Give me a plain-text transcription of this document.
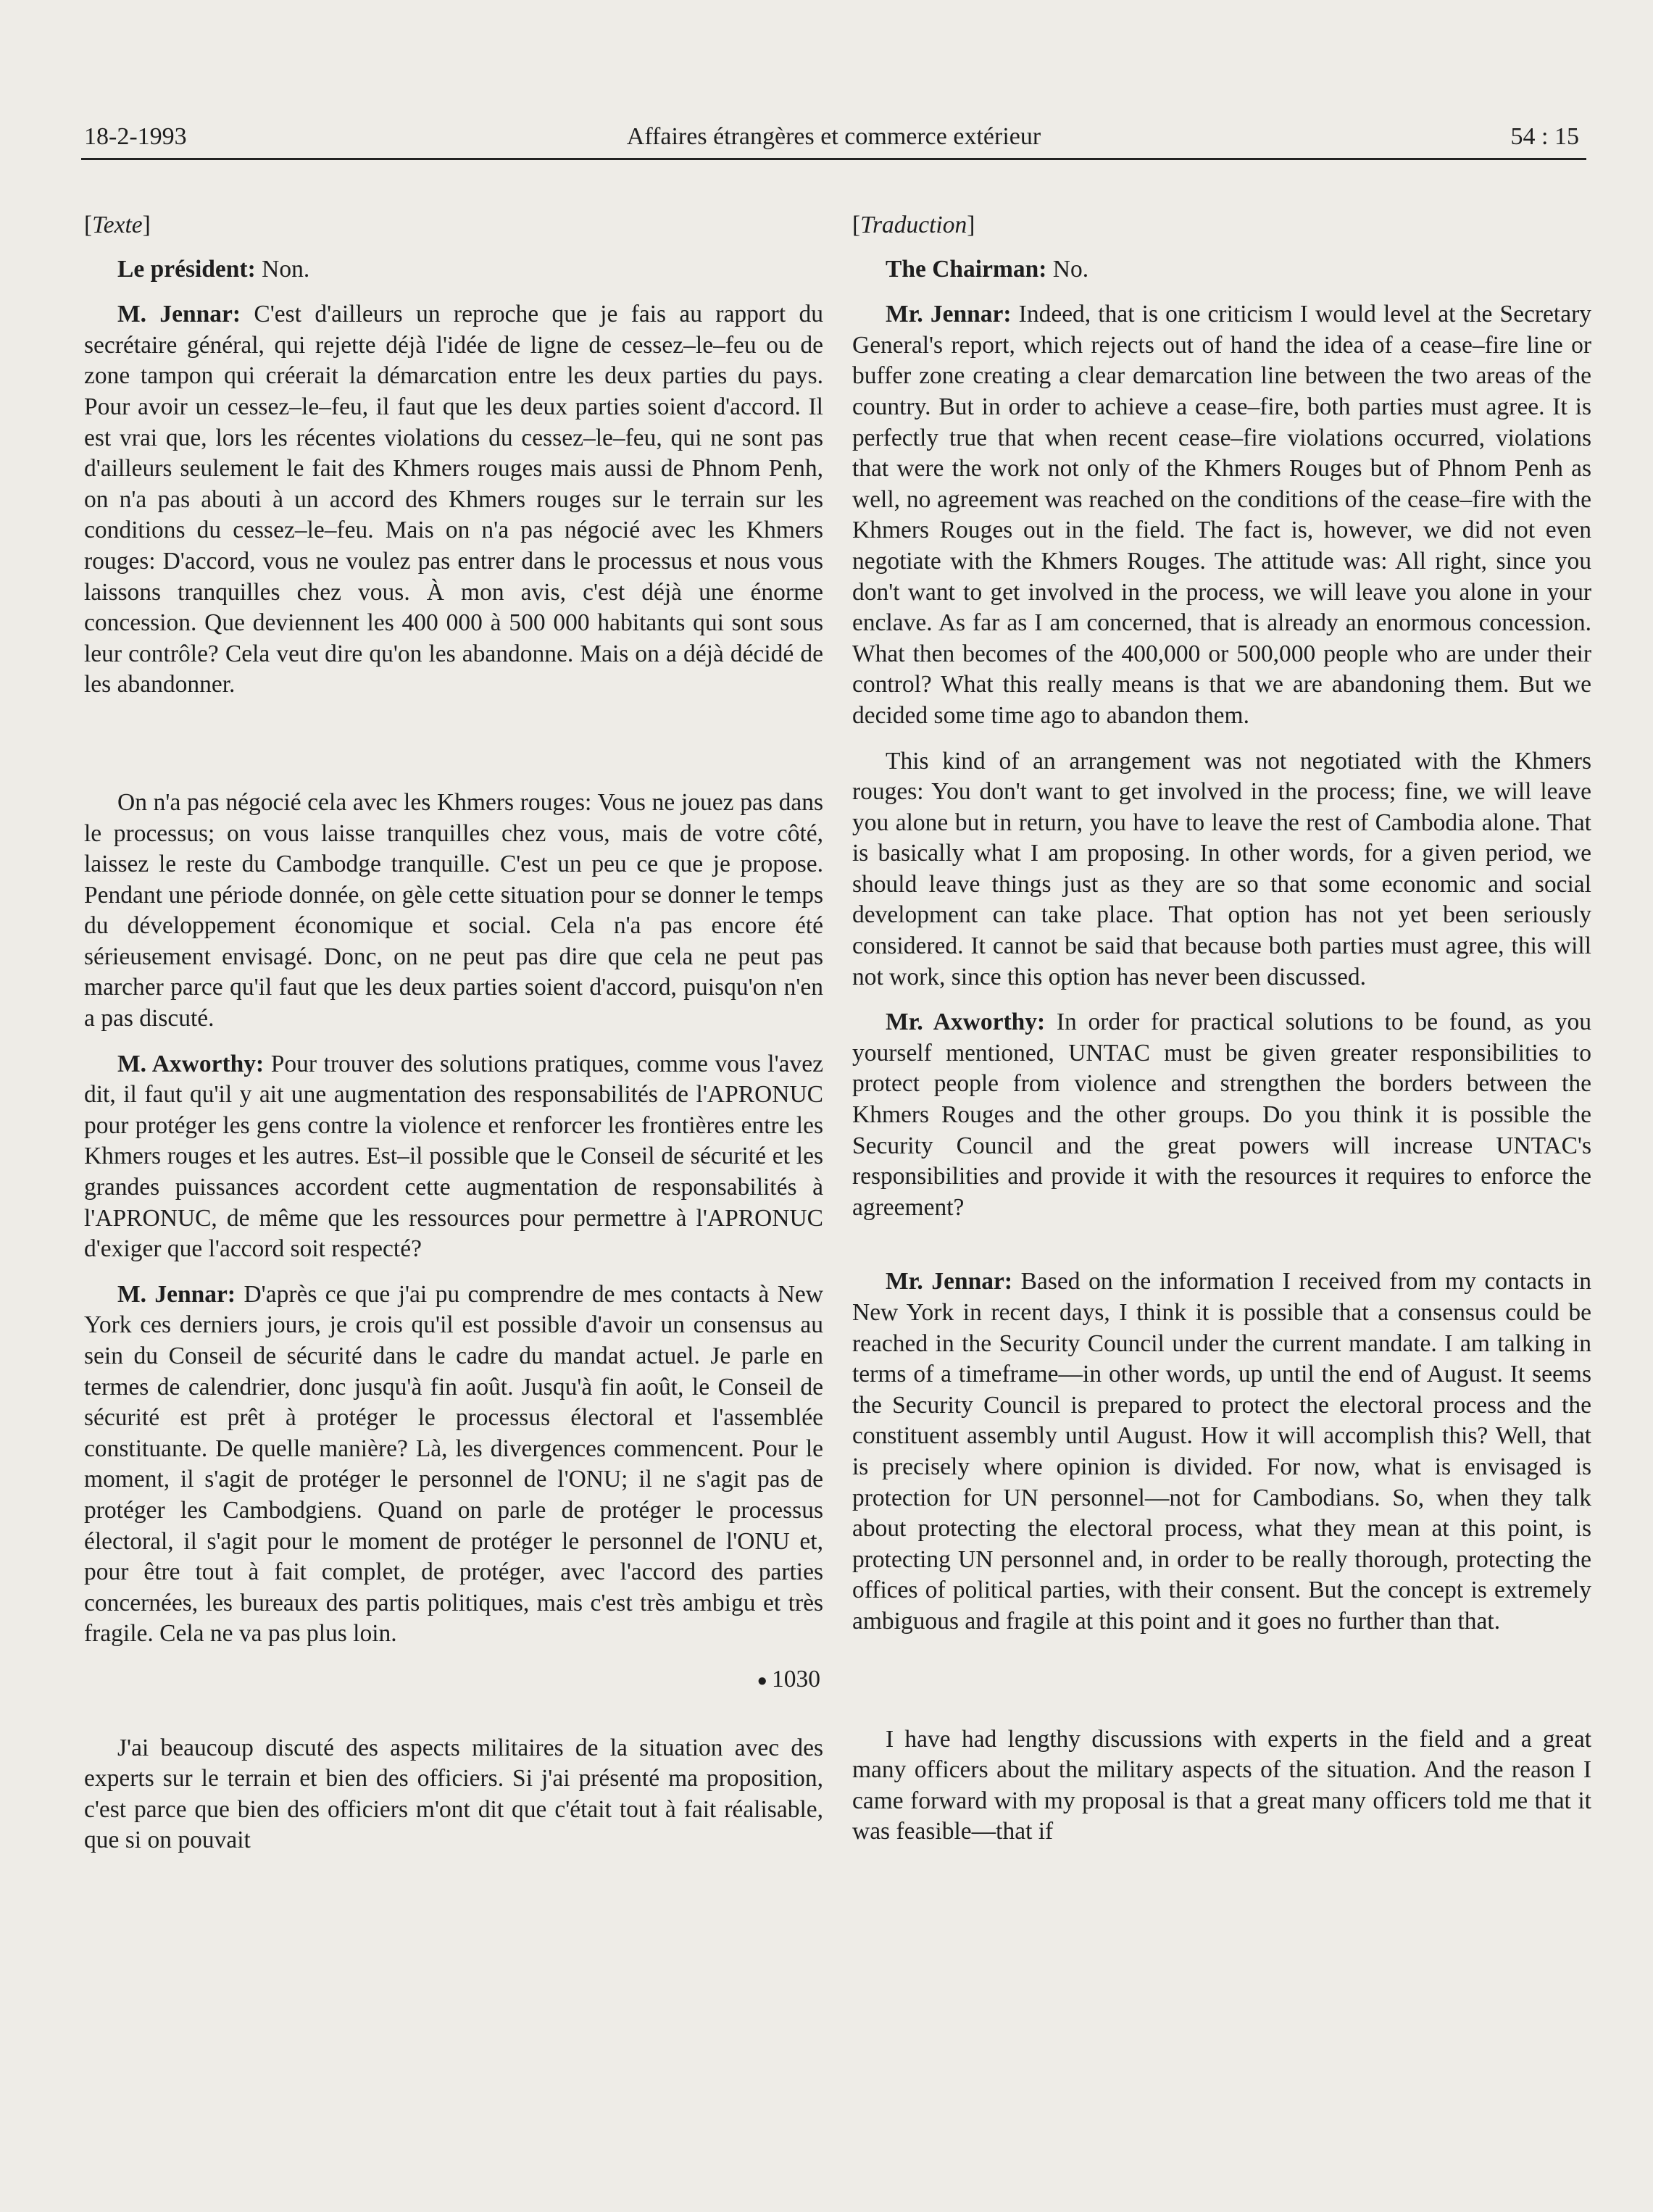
18-2-1993	Affaires étrangères et commerce extérieur	54 : 15
[Texte]

Le président: Non.

M. Jennar: C'est d'ailleurs un reproche que je fais au rapport du secrétaire général, qui rejette déjà l'idée de ligne de cessez–le–feu ou de zone tampon qui créerait la démarcation entre les deux parties du pays. Pour avoir un cessez–le–feu, il faut que les deux parties soient d'accord. Il est vrai que, lors les récentes violations du cessez–le–feu, qui ne sont pas d'ailleurs seulement le fait des Khmers rouges mais aussi de Phnom Penh, on n'a pas abouti à un accord des Khmers rouges sur le terrain sur les conditions du cessez–le–feu. Mais on n'a pas négocié avec les Khmers rouges: D'accord, vous ne voulez pas entrer dans le processus et nous vous laissons tranquilles chez vous. À mon avis, c'est déjà une énorme concession. Que deviennent les 400 000 à 500 000 habitants qui sont sous leur contrôle? Cela veut dire qu'on les abandonne. Mais on a déjà décidé de les abandonner.

On n'a pas négocié cela avec les Khmers rouges: Vous ne jouez pas dans le processus; on vous laisse tranquilles chez vous, mais de votre côté, laissez le reste du Cambodge tranquille. C'est un peu ce que je propose. Pendant une période donnée, on gèle cette situation pour se donner le temps du développement économique et social. Cela n'a pas encore été sérieusement envisagé. Donc, on ne peut pas dire que cela ne peut pas marcher parce qu'il faut que les deux parties soient d'accord, puisqu'on n'en a pas discuté.

M. Axworthy: Pour trouver des solutions pratiques, comme vous l'avez dit, il faut qu'il y ait une augmentation des responsabilités de l'APRONUC pour protéger les gens contre la violence et renforcer les frontières entre les Khmers rouges et les autres. Est–il possible que le Conseil de sécurité et les grandes puissances accordent cette augmentation de responsabilités à l'APRONUC, de même que les ressources pour permettre à l'APRONUC d'exiger que l'accord soit respecté?

M. Jennar: D'après ce que j'ai pu comprendre de mes contacts à New York ces derniers jours, je crois qu'il est possible d'avoir un consensus au sein du Conseil de sécurité dans le cadre du mandat actuel. Je parle en termes de calendrier, donc jusqu'à fin août. Jusqu'à fin août, le Conseil de sécurité est prêt à protéger le processus électoral et l'assemblée constituante. De quelle manière? Là, les divergences commencent. Pour le moment, il s'agit de protéger le personnel de l'ONU; il ne s'agit pas de protéger les Cambodgiens. Quand on parle de protéger le processus électoral, il s'agit pour le moment de protéger le personnel de l'ONU et, pour être tout à fait complet, de protéger, avec l'accord des parties concernées, les bureaux des partis politiques, mais c'est très ambigu et très fragile. Cela ne va pas plus loin.

● 1030

J'ai beaucoup discuté des aspects militaires de la situation avec des experts sur le terrain et bien des officiers. Si j'ai présenté ma proposition, c'est parce que bien des officiers m'ont dit que c'était tout à fait réalisable, que si on pouvait

[Traduction]

The Chairman: No.

Mr. Jennar: Indeed, that is one criticism I would level at the Secretary General's report, which rejects out of hand the idea of a cease–fire line or buffer zone creating a clear demarcation line between the two areas of the country. But in order to achieve a cease–fire, both parties must agree. It is perfectly true that when recent cease–fire violations occurred, violations that were the work not only of the Khmers Rouges but of Phnom Penh as well, no agreement was reached on the conditions of the cease–fire with the Khmers Rouges out in the field. The fact is, however, we did not even negotiate with the Khmers Rouges. The attitude was: All right, since you don't want to get involved in the process, we will leave you alone in your enclave. As far as I am concerned, that is already an enormous concession. What then becomes of the 400,000 or 500,000 people who are under their control? What this really means is that we are abandoning them. But we decided some time ago to abandon them.

This kind of an arrangement was not negotiated with the Khmers rouges: You don't want to get involved in the process; fine, we will leave you alone but in return, you have to leave the rest of Cambodia alone. That is basically what I am proposing. In other words, for a given period, we should leave things just as they are so that some economic and social development can take place. That option has not yet been seriously considered. It cannot be said that because both parties must agree, this will not work, since this option has never been discussed.

Mr. Axworthy: In order for practical solutions to be found, as you yourself mentioned, UNTAC must be given greater responsibilities to protect people from violence and strengthen the borders between the Khmers Rouges and the other groups. Do you think it is possible the Security Council and the great powers will increase UNTAC's responsibilities and provide it with the resources it requires to enforce the agreement?

Mr. Jennar: Based on the information I received from my contacts in New York in recent days, I think it is possible that a consensus could be reached in the Security Council under the current mandate. I am talking in terms of a timeframe—in other words, up until the end of August. It seems the Security Council is prepared to protect the electoral process and the constituent assembly until August. How it will accomplish this? Well, that is precisely where opinion is divided. For now, what is envisaged is protection for UN personnel—not for Cambodians. So, when they talk about protecting the electoral process, what they mean at this point, is protecting UN personnel and, in order to be really thorough, protecting the offices of political parties, with their consent. But the concept is extremely ambiguous and fragile at this point and it goes no further than that.

I have had lengthy discussions with experts in the field and a great many officers about the military aspects of the situation. And the reason I came forward with my proposal is that a great many officers told me that it was feasible—that if
